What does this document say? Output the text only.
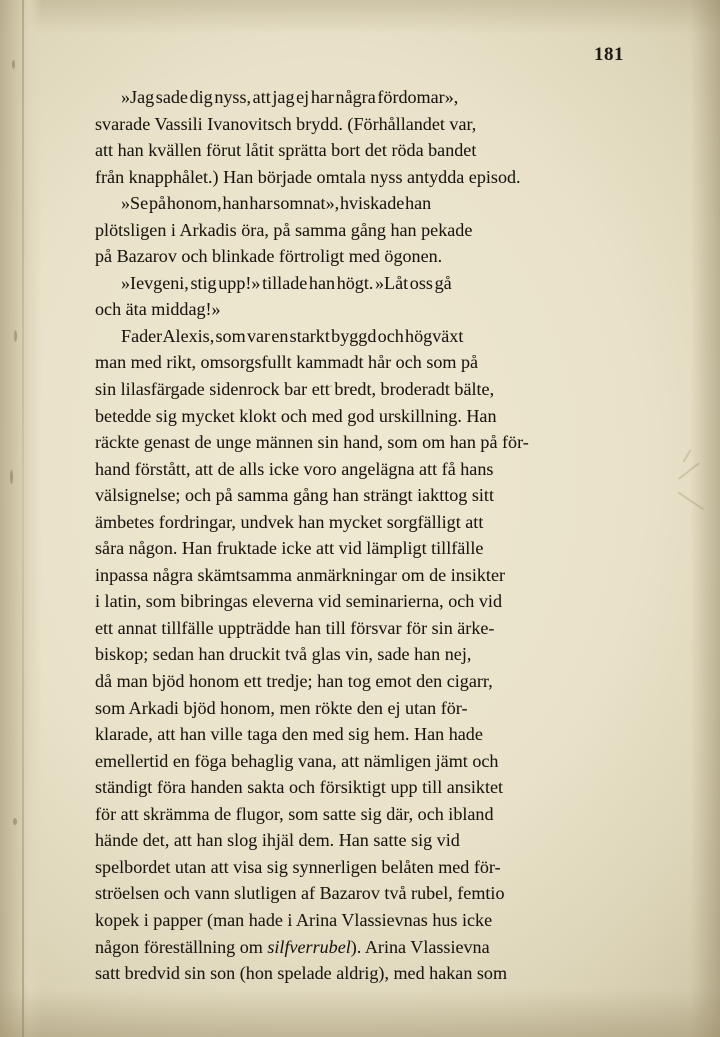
181
»Jag sade dig nyss, att jag ej har några fördomar»,
svarade Vassili Ivanovitsch brydd. (Förhållandet var,
att han kvällen förut låtit sprätta bort det röda bandet
från knapphålet.) Han började omtala nyss antydda episod.
»Se på honom, han har somnat», hviskade han
plötsligen i Arkadis öra, på samma gång han pekade
på Bazarov och blinkade förtroligt med ögonen.
»Ievgeni, stig upp!» tillade han högt. »Låt oss gå
och äta middag!»
Fader Alexis, som var en starkt byggd och högväxt
man med rikt, omsorgsfullt kammadt hår och som på
sin lilasfärgade sidenrock bar ett bredt, broderadt bälte,
betedde sig mycket klokt och med god urskillning. Han
räckte genast de unge männen sin hand, som om han på för-
hand förstått, att de alls icke voro angelägna att få hans
välsignelse; och på samma gång han strängt iakttog sitt
ämbetes fordringar, undvek han mycket sorgfälligt att
såra någon. Han fruktade icke att vid lämpligt tillfälle
inpassa några skämtsamma anmärkningar om de insikter
i latin, som bibringas eleverna vid seminarierna, och vid
ett annat tillfälle uppträdde han till försvar för sin ärke-
biskop; sedan han druckit två glas vin, sade han nej,
då man bjöd honom ett tredje; han tog emot den cigarr,
som Arkadi bjöd honom, men rökte den ej utan för-
klarade, att han ville taga den med sig hem. Han hade
emellertid en föga behaglig vana, att nämligen jämt och
ständigt föra handen sakta och försiktigt upp till ansiktet
för att skrämma de flugor, som satte sig där, och ibland
hände det, att han slog ihjäl dem. Han satte sig vid
spelbordet utan att visa sig synnerligen belåten med för-
ströelsen och vann slutligen af Bazarov två rubel, femtio
kopek i papper (man hade i Arina Vlassievnas hus icke
någon föreställning om silfverrubel). Arina Vlassievna
satt bredvid sin son (hon spelade aldrig), med hakan som
